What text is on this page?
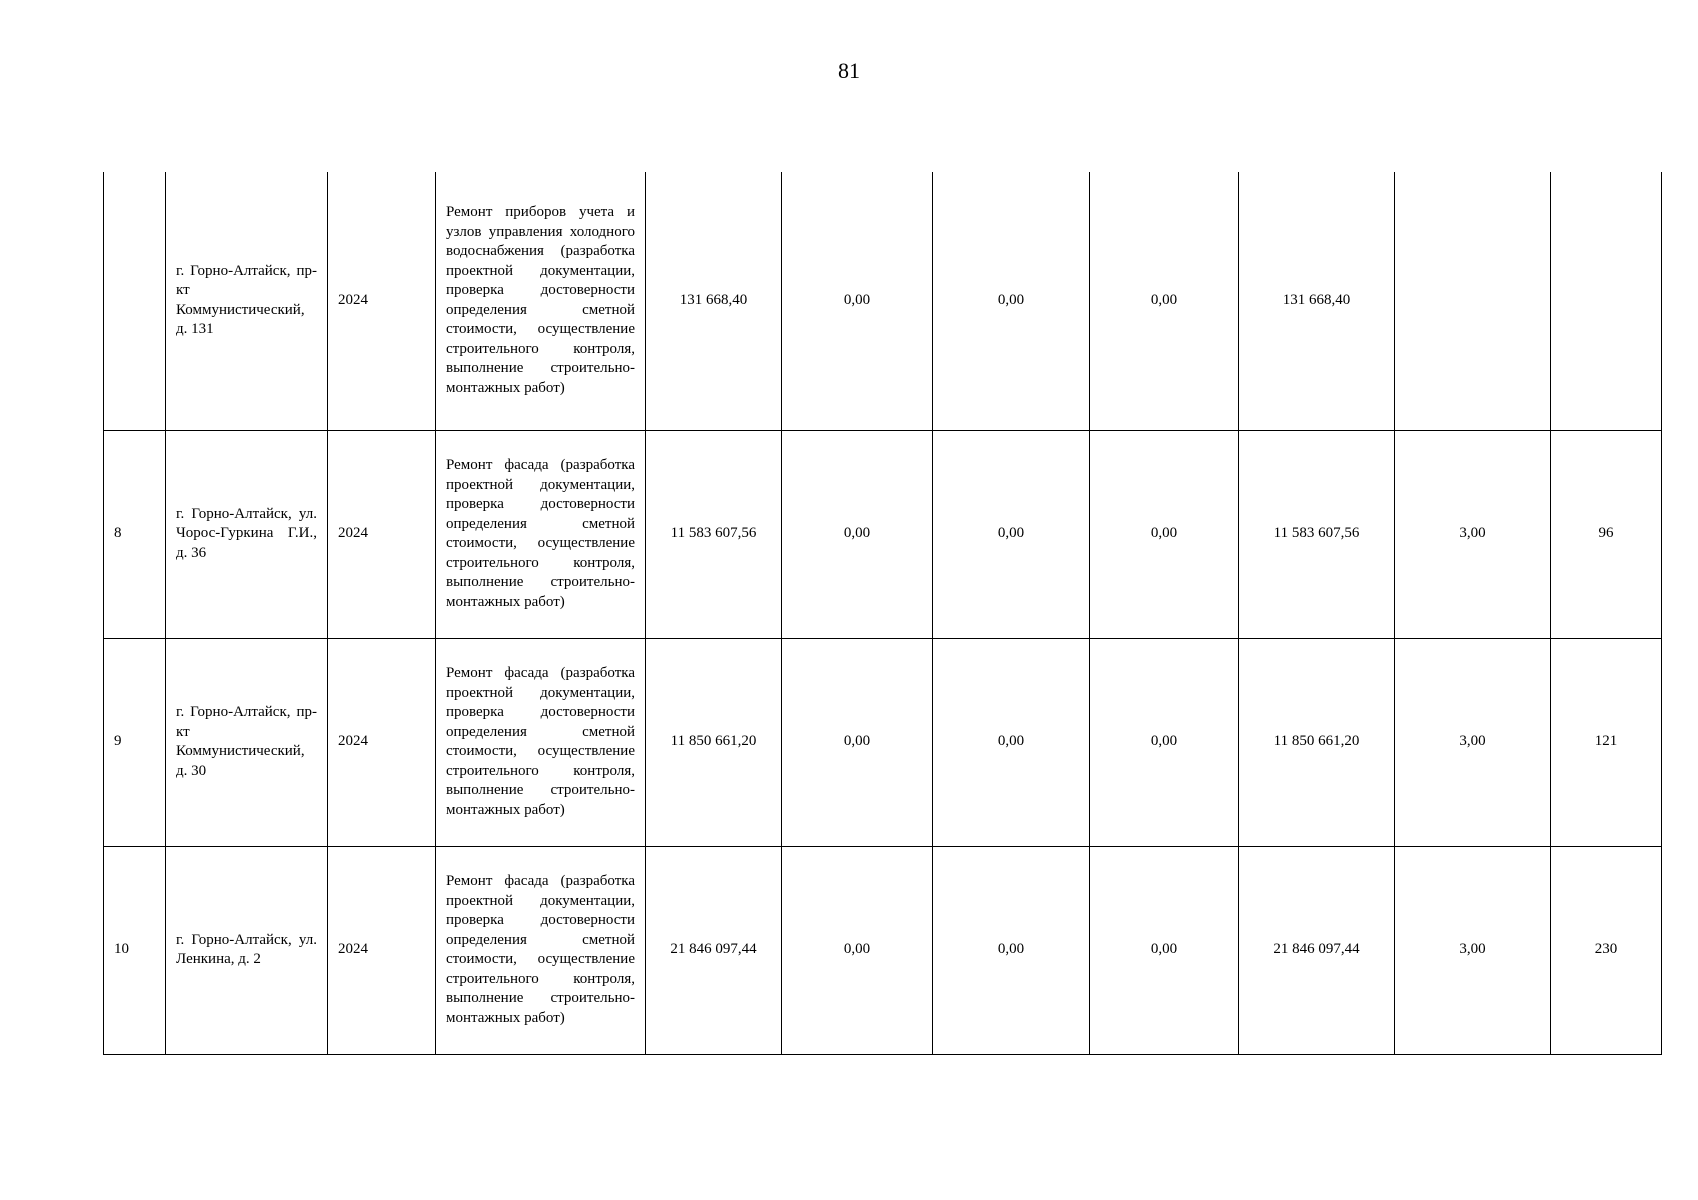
81
	г. Горно-Алтайск, пр-кт Коммунистический, д. 131	2024	Ремонт приборов учета и узлов управления холодного водоснабжения (разработка проектной документации, проверка достоверности определения сметной стоимости, осуществление строительного контроля, выполнение строительно-монтажных работ)	131 668,40	0,00	0,00	0,00	131 668,40		
8	г. Горно-Алтайск, ул. Чорос-Гуркина Г.И., д. 36	2024	Ремонт фасада (разработка проектной документации, проверка достоверности определения сметной стоимости, осуществление строительного контроля, выполнение строительно-монтажных работ)	11 583 607,56	0,00	0,00	0,00	11 583 607,56	3,00	96
9	г. Горно-Алтайск, пр-кт Коммунистический, д. 30	2024	Ремонт фасада (разработка проектной документации, проверка достоверности определения сметной стоимости, осуществление строительного контроля, выполнение строительно-монтажных работ)	11 850 661,20	0,00	0,00	0,00	11 850 661,20	3,00	121
10	г. Горно-Алтайск, ул. Ленкина, д. 2	2024	Ремонт фасада (разработка проектной документации, проверка достоверности определения сметной стоимости, осуществление строительного контроля, выполнение строительно-монтажных работ)	21 846 097,44	0,00	0,00	0,00	21 846 097,44	3,00	230
